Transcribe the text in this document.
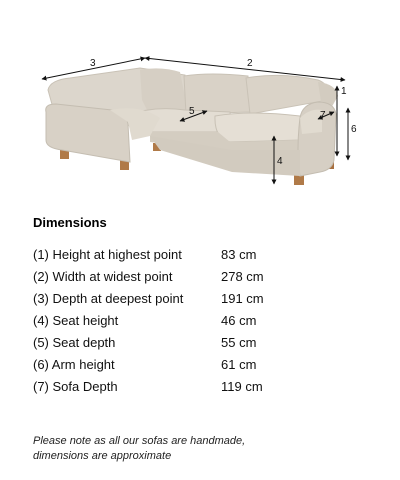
2
3
1
6
7
4
5
Dimensions
(1) Height at highest point	83 cm
(2) Width at widest point	278 cm
(3) Depth at deepest point	191 cm
(4) Seat height	46 cm
(5) Seat depth	55 cm
(6) Arm height	61 cm
(7) Sofa Depth	119 cm
Please note as all our sofas are handmade,
dimensions are approximate
